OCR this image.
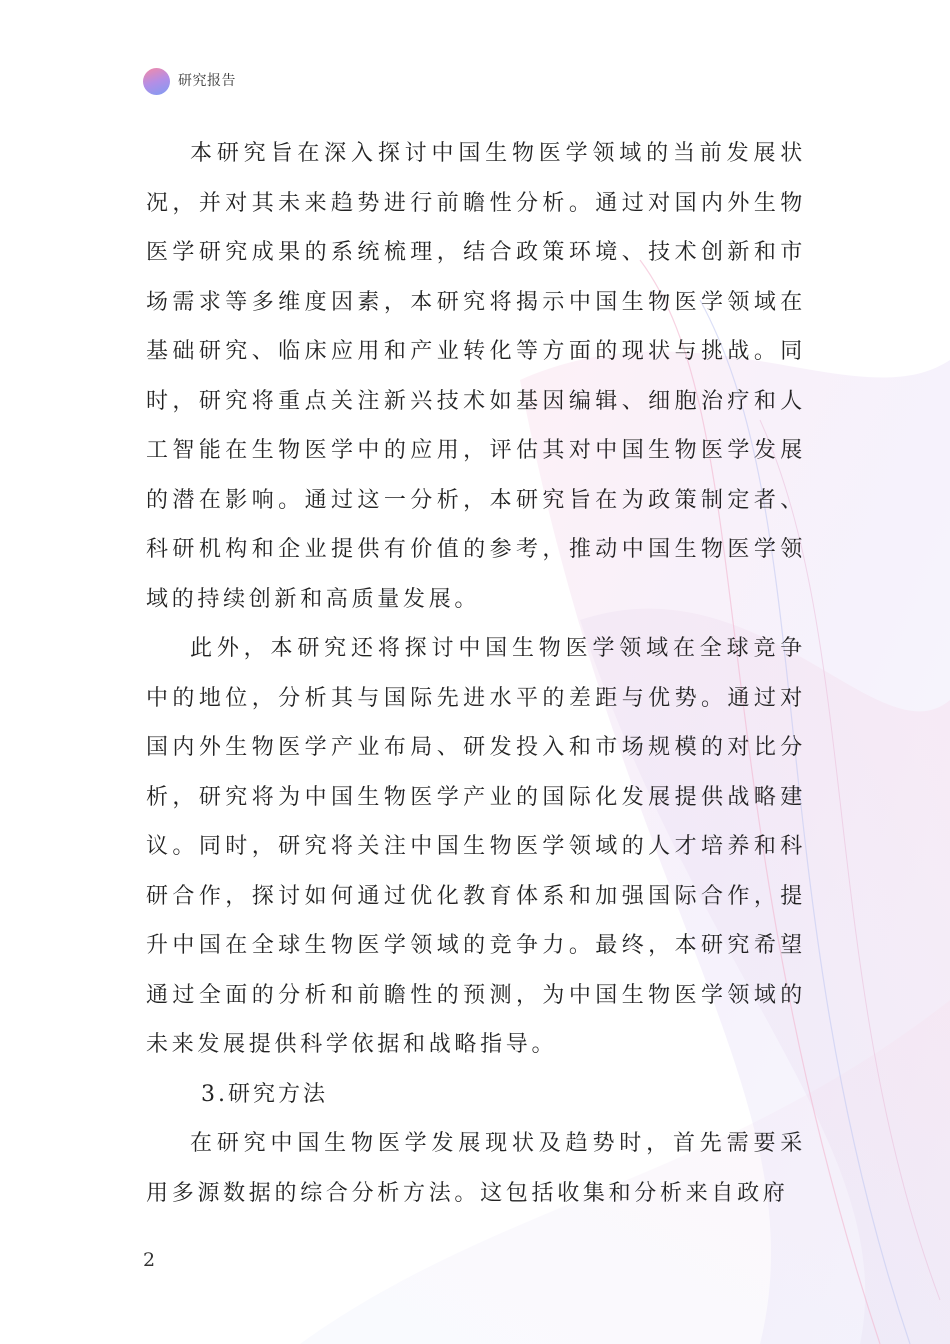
研究报告

本研究旨在深入探讨中国生物医学领域的当前发展状况，并对其未来趋势进行前瞻性分析。通过对国内外生物医学研究成果的系统梳理，结合政策环境、技术创新和市场需求等多维度因素，本研究将揭示中国生物医学领域在基础研究、临床应用和产业转化等方面的现状与挑战。同时，研究将重点关注新兴技术如基因编辑、细胞治疗和人工智能在生物医学中的应用，评估其对中国生物医学发展的潜在影响。通过这一分析，本研究旨在为政策制定者、科研机构和企业提供有价值的参考，推动中国生物医学领域的持续创新和高质量发展。

此外，本研究还将探讨中国生物医学领域在全球竞争中的地位，分析其与国际先进水平的差距与优势。通过对国内外生物医学产业布局、研发投入和市场规模的对比分析，研究将为中国生物医学产业的国际化发展提供战略建议。同时，研究将关注中国生物医学领域的人才培养和科研合作，探讨如何通过优化教育体系和加强国际合作，提升中国在全球生物医学领域的竞争力。最终，本研究希望通过全面的分析和前瞻性的预测，为中国生物医学领域的未来发展提供科学依据和战略指导。

3.研究方法

在研究中国生物医学发展现状及趋势时，首先需要采用多源数据的综合分析方法。这包括收集和分析来自政府

2
